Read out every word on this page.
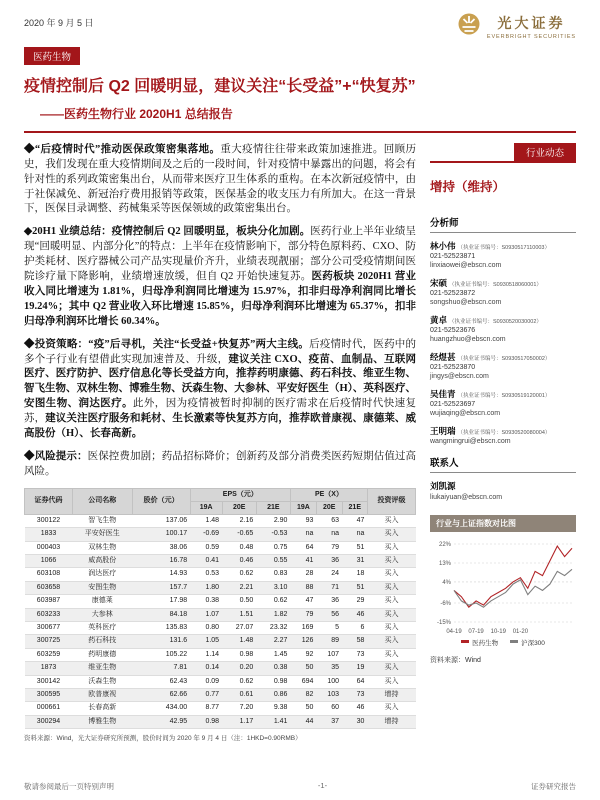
2020 年 9 月 5 日	光大证券
EVERBRIGHT SECURITIES
医药生物
疫情控制后 Q2 回暖明显，建议关注“长受益”+“快复苏”
——医药生物行业 2020H1 总结报告
◆“后疫情时代”推动医保政策密集落地。重大疫情往往带来政策加速推进。回顾历史，我们发现在重大疫情期间及之后的一段时间，针对疫情中暴露出的问题，将会有针对性的系列政策密集出台，从而带来医疗卫生体系的重构。在本次新冠疫情中，由于社保减免、新冠治疗费用报销等政策，医保基金的收支压力有所加大。在这一背景下，医保目录调整、药械集采等医保领域的政策密集出台。
◆20H1 业绩总结：疫情控制后 Q2 回暖明显，板块分化加剧。医药行业上半年业绩呈现“回暖明显、内部分化”的特点：上半年在疫情影响下，部分特色原料药、CXO、防护类耗材、医疗器械公司产品实现量价齐升，业绩表现靓丽；部分公司受疫情期间医院诊疗量下降影响，业绩增速放缓，但自 Q2 开始快速复苏。医药板块 2020H1 营业收入同比增速为 1.81%，归母净利润同比增速为 15.97%，扣非归母净利润同比增长 19.24%；其中 Q2 营业收入环比增速 15.85%，归母净利润环比增速为 65.37%，扣非归母净利润环比增长 60.34%。
◆投资策略：“疫”后寻机，关注“长受益+快复苏”两大主线。后疫情时代，医药中的多个子行业有望借此实现加速普及、升级，建议关注 CXO、疫苗、血制品、互联网医疗、医疗防护、医疗信息化等长受益方向，推荐药明康德、药石科技、维亚生物、智飞生物、双林生物、博雅生物、沃森生物、大参林、平安好医生（H）、英科医疗、安图生物、润达医疗。此外，因为疫情被暂时抑制的医疗需求在后疫情时代快速复苏，建议关注医疗服务和耗材、生长激素等快复苏方向，推荐欧普康视、康德莱、威高股份（H）、长春高新。
◆风险提示：医保控费加剧；药品招标降价；创新药及部分消费类医药短期估值过高风险。
证券代码	公司名称	股价（元）	EPS（元）			PE（X）			投资评级
			19A	20E	21E	19A	20E	21E	
300122	智飞生物	137.06	1.48	2.16	2.90	93	63	47	买入
1833	平安好医生	100.17	-0.69	-0.65	-0.53	na	na	na	买入
000403	双林生物	38.06	0.59	0.48	0.75	64	79	51	买入
1066	威高股份	16.78	0.41	0.46	0.55	41	36	31	买入
603108	润达医疗	14.93	0.53	0.62	0.83	28	24	18	买入
603658	安图生物	157.7	1.80	2.21	3.10	88	71	51	买入
603987	康德莱	17.98	0.38	0.50	0.62	47	36	29	买入
603233	大参林	84.18	1.07	1.51	1.82	79	56	46	买入
300677	英科医疗	135.83	0.80	27.07	23.32	169	5	6	买入
300725	药石科技	131.6	1.05	1.48	2.27	126	89	58	买入
603259	药明康德	105.22	1.14	0.98	1.45	92	107	73	买入
1873	维亚生物	7.81	0.14	0.20	0.38	50	35	19	买入
300142	沃森生物	62.43	0.09	0.62	0.98	694	100	64	买入
300595	欧普康视	62.66	0.77	0.61	0.86	82	103	73	增持
000661	长春高新	434.00	8.77	7.20	9.38	50	60	46	买入
300294	博雅生物	42.95	0.98	1.17	1.41	44	37	30	增持
资料来源：Wind，光大证券研究所预测，股价时间为 2020 年 9 月 4 日（注：1HKD=0.90RMB）
行业动态
增持（维持）
分析师
林小伟 （执业证书编号：S0930517110003）
021-52523871
linxiaowei@ebscn.com
宋硕 （执业证书编号：S0930518060001）
021-52523872
songshuo@ebscn.com
黄卓 （执业证书编号：S0930520030002）
021-52523676
huangzhuo@ebscn.com
经煜甚 （执业证书编号：S0930517050002）
021-52523870
jingys@ebscn.com
吴佳青 （执业证书编号：S0930519120001）
021-52523697
wujiaqing@ebscn.com
王明瑞 （执业证书编号：S0930520080004）
wangmingrui@ebscn.com
联系人
刘凯源
liukaiyuan@ebscn.com
行业与上证指数对比图
22%
13%
4%
-6%
-15%
04-19 07-19 10-19 01-20
医药生物	沪深300
资料来源：Wind
敬请参阅最后一页特别声明	-1-	证券研究报告
